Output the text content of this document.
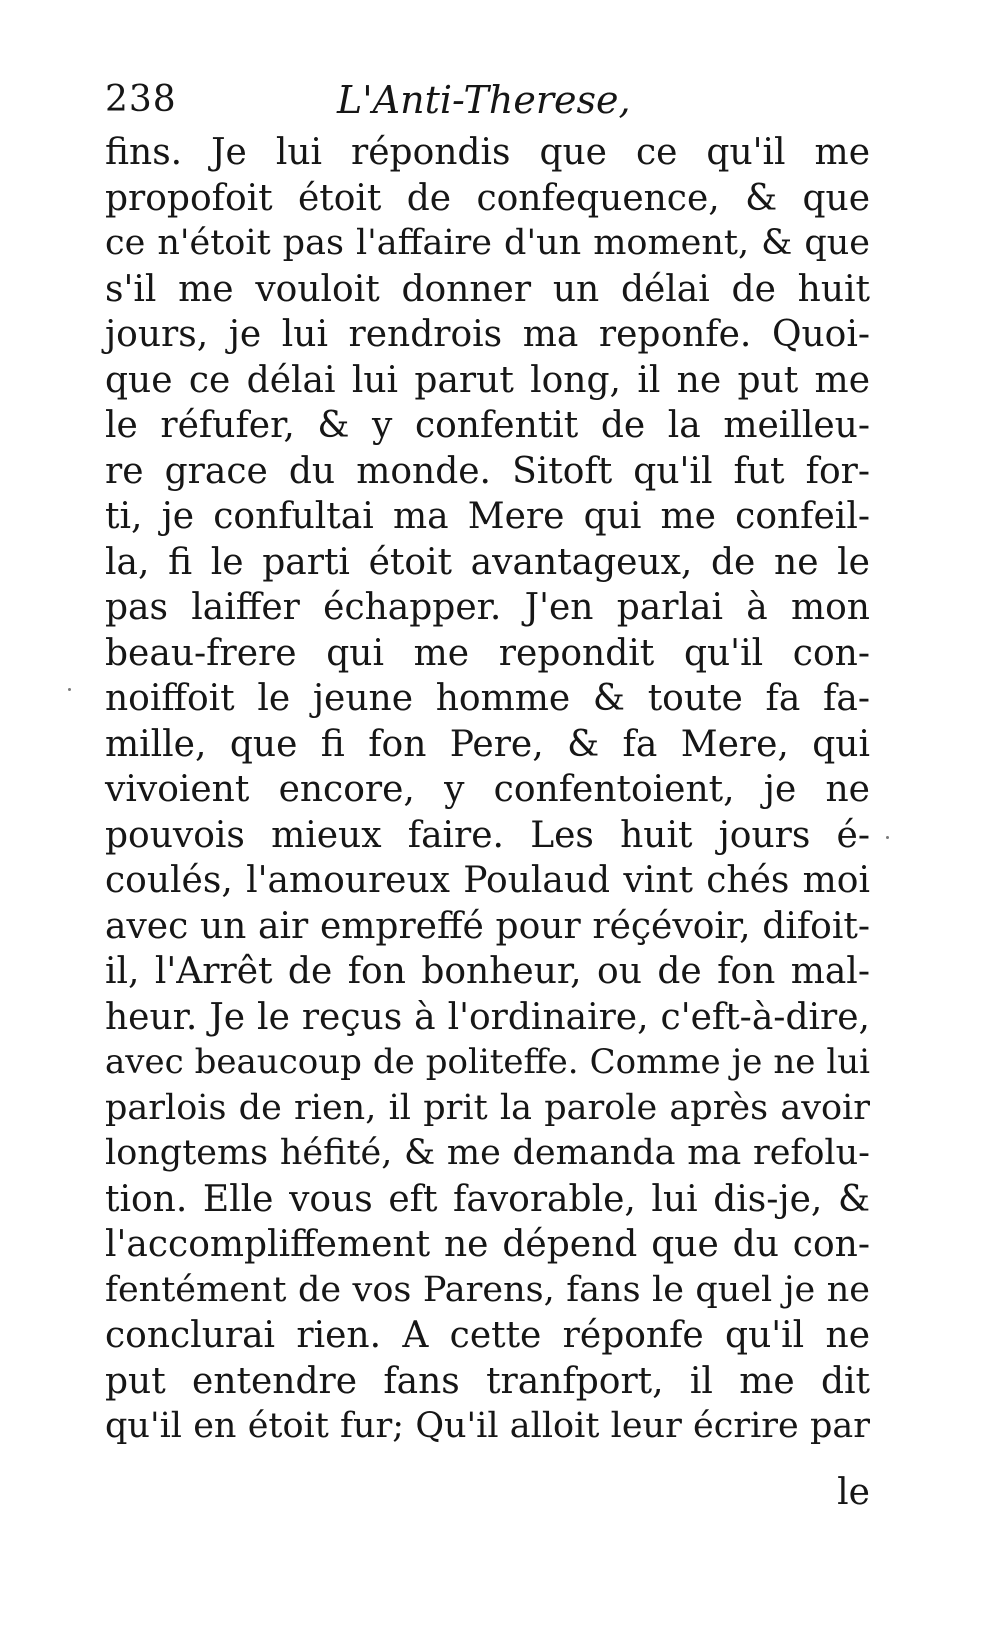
238	L'Anti-Therese,
fins. Je lui répondis que ce qu'il me
propofoit étoit de confequence, & que
ce n'étoit pas l'affaire d'un moment, & que
s'il me vouloit donner un délai de huit
jours, je lui rendrois ma reponfe. Quoi-
que ce délai lui parut long, il ne put me
le réfufer, & y confentit de la meilleu-
re grace du monde. Sitoft qu'il fut for-
ti, je confultai ma Mere qui me confeil-
la, fi le parti étoit avantageux, de ne le
pas laiffer échapper. J'en parlai à mon
beau-frere qui me repondit qu'il con-
noiffoit le jeune homme & toute fa fa-
mille, que fi fon Pere, & fa Mere, qui
vivoient encore, y confentoient, je ne
pouvois mieux faire. Les huit jours é-
coulés, l'amoureux Poulaud vint chés moi
avec un air empreffé pour réçévoir, difoit-
il, l'Arrêt de fon bonheur, ou de fon mal-
heur. Je le reçus à l'ordinaire, c'eft-à-dire,
avec beaucoup de politeffe. Comme je ne lui
parlois de rien, il prit la parole après avoir
longtems héfité, & me demanda ma refolu-
tion. Elle vous eft favorable, lui dis-je, &
l'accompliffement ne dépend que du con-
fentément de vos Parens, fans le quel je ne
conclurai rien. A cette réponfe qu'il ne
put entendre fans tranfport, il me dit
qu'il en étoit fur; Qu'il alloit leur écrire par
le
